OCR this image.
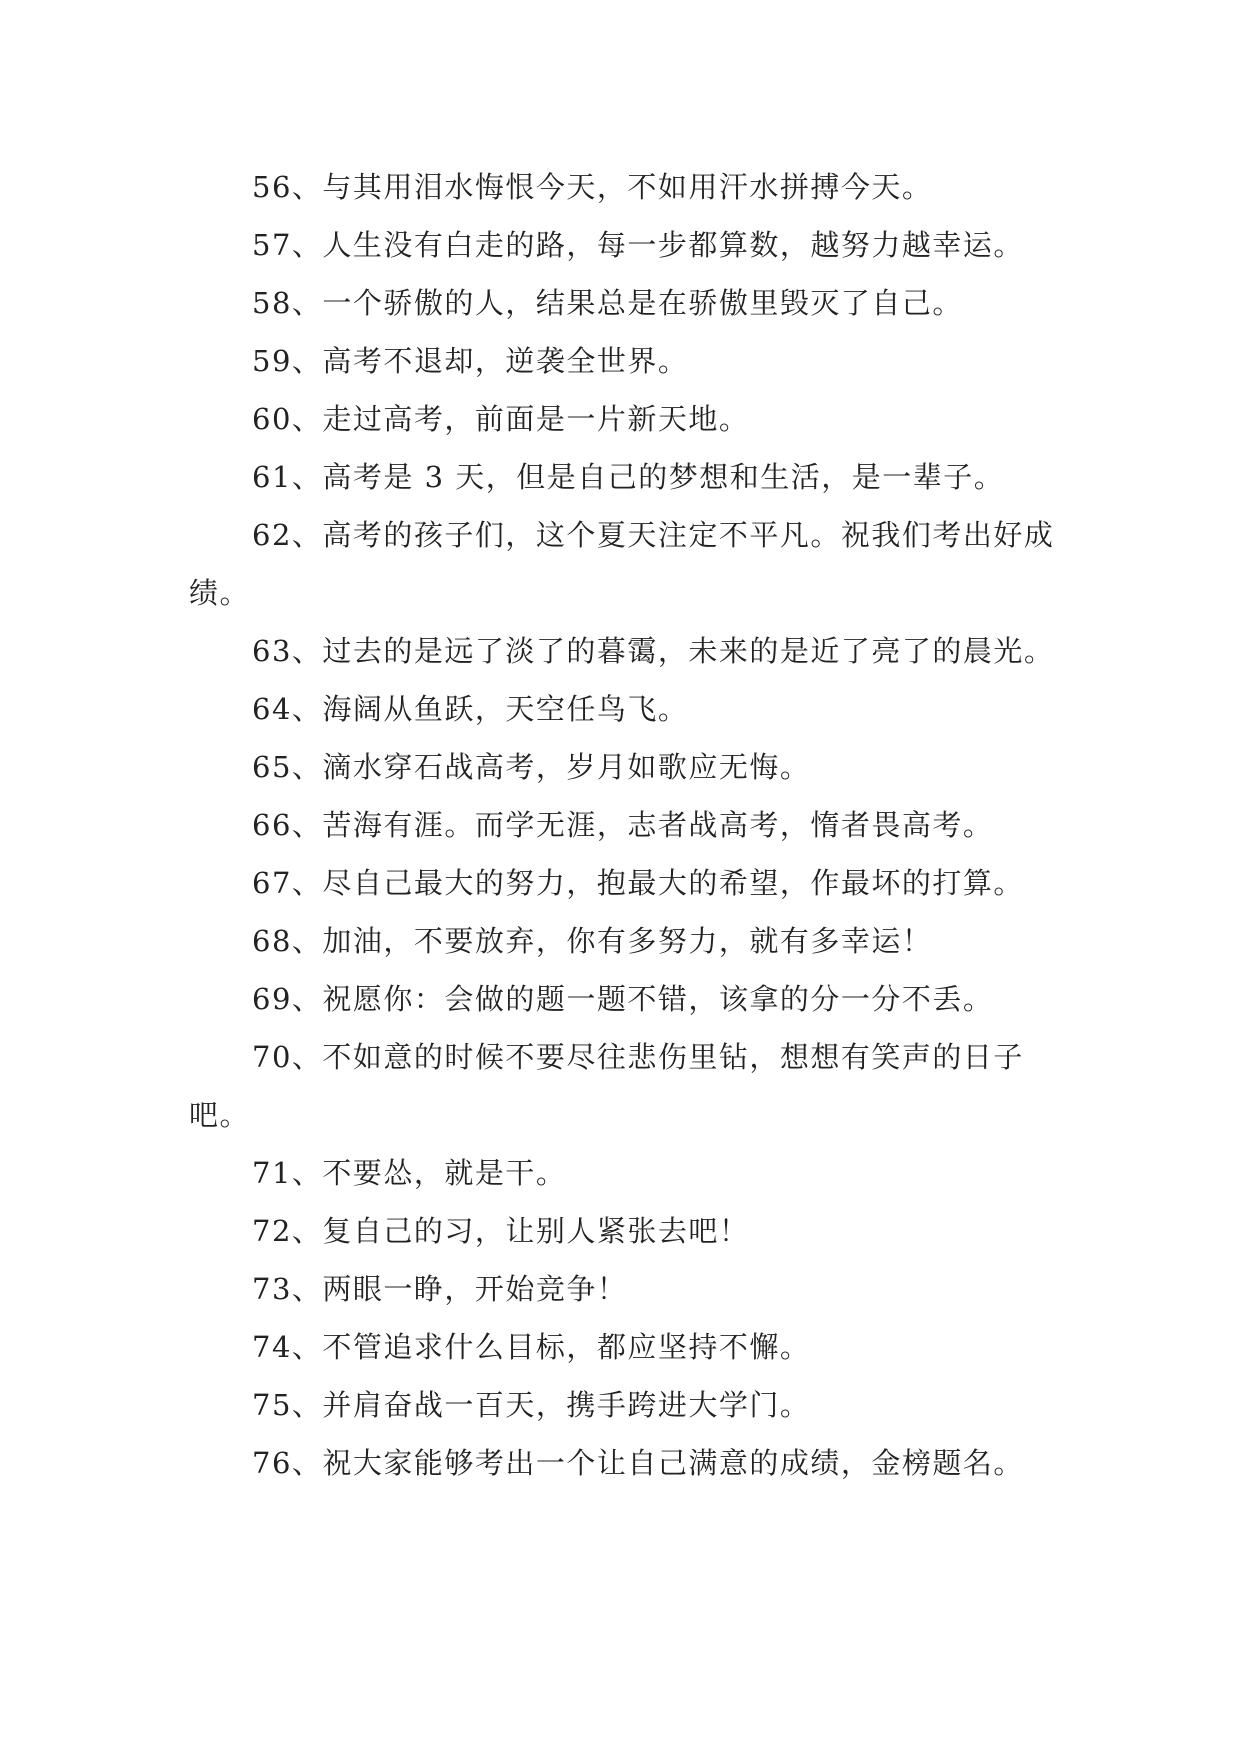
56、与其用泪水悔恨今天，不如用汗水拼搏今天。

57、人生没有白走的路，每一步都算数，越努力越幸运。

58、一个骄傲的人，结果总是在骄傲里毁灭了自己。

59、高考不退却，逆袭全世界。

60、走过高考，前面是一片新天地。

61、高考是 3 天，但是自己的梦想和生活，是一辈子。

62、高考的孩子们，这个夏天注定不平凡。祝我们考出好成绩。

63、过去的是远了淡了的暮霭，未来的是近了亮了的晨光。

64、海阔从鱼跃，天空任鸟飞。

65、滴水穿石战高考，岁月如歌应无悔。

66、苦海有涯。而学无涯，志者战高考，惰者畏高考。

67、尽自己最大的努力，抱最大的希望，作最坏的打算。

68、加油，不要放弃，你有多努力，就有多幸运！

69、祝愿你：会做的题一题不错，该拿的分一分不丢。

70、不如意的时候不要尽往悲伤里钻，想想有笑声的日子吧。

71、不要怂，就是干。

72、复自己的习，让别人紧张去吧！

73、两眼一睁，开始竞争！

74、不管追求什么目标，都应坚持不懈。

75、并肩奋战一百天，携手跨进大学门。

76、祝大家能够考出一个让自己满意的成绩，金榜题名。
